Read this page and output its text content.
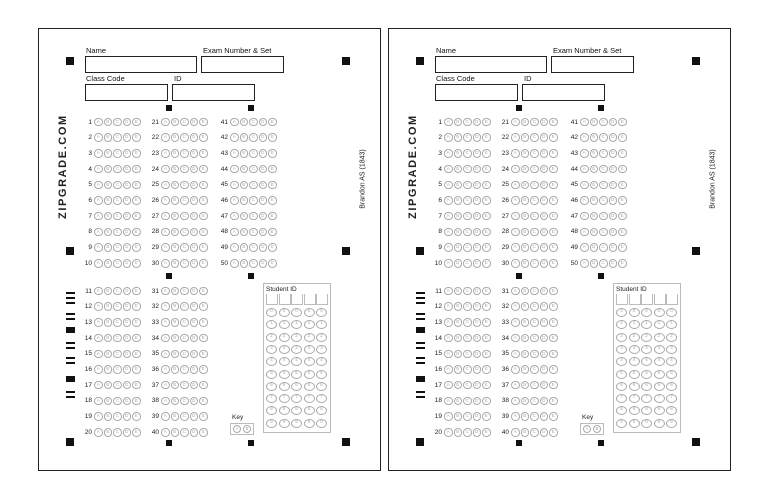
Name	Exam Number & Set
Class Code	ID
ZIPGRADE.COM	Brandon AS (1843)
Student ID
0	0	0	0	0
1	1	1	1	1
2	2	2	2	2
3	3	3	3	3
4	4	4	4	4
5	5	5	5	5
6	6	6	6	6
7	7	7	7	7
8	8	8	8	8
9	9	9	9	9
Key
A	B
1	A	B	C	D	E
2	A	B	C	D	E
3	A	B	C	D	E
4	A	B	C	D	E
5	A	B	C	D	E
6	A	B	C	D	E
7	A	B	C	D	E
8	A	B	C	D	E
9	A	B	C	D	E
10	A	B	C	D	E
21	A	B	C	D	E
22	A	B	C	D	E
23	A	B	C	D	E
24	A	B	C	D	E
25	A	B	C	D	E
26	A	B	C	D	E
27	A	B	C	D	E
28	A	B	C	D	E
29	A	B	C	D	E
30	A	B	C	D	E
41	A	B	C	D	E
42	A	B	C	D	E
43	A	B	C	D	E
44	A	B	C	D	E
45	A	B	C	D	E
46	A	B	C	D	E
47	A	B	C	D	E
48	A	B	C	D	E
49	A	B	C	D	E
50	A	B	C	D	E
11	A	B	C	D	E
12	A	B	C	D	E
13	A	B	C	D	E
14	A	B	C	D	E
15	A	B	C	D	E
16	A	B	C	D	E
17	A	B	C	D	E
18	A	B	C	D	E
19	A	B	C	D	E
20	A	B	C	D	E
31	A	B	C	D	E
32	A	B	C	D	E
33	A	B	C	D	E
34	A	B	C	D	E
35	A	B	C	D	E
36	A	B	C	D	E
37	A	B	C	D	E
38	A	B	C	D	E
39	A	B	C	D	E
40	A	B	C	D	E
Name	Exam Number & Set
Class Code	ID
ZIPGRADE.COM	Brandon AS (1843)
Student ID
0	0	0	0	0
1	1	1	1	1
2	2	2	2	2
3	3	3	3	3
4	4	4	4	4
5	5	5	5	5
6	6	6	6	6
7	7	7	7	7
8	8	8	8	8
9	9	9	9	9
Key
A	B
1	A	B	C	D	E
2	A	B	C	D	E
3	A	B	C	D	E
4	A	B	C	D	E
5	A	B	C	D	E
6	A	B	C	D	E
7	A	B	C	D	E
8	A	B	C	D	E
9	A	B	C	D	E
10	A	B	C	D	E
21	A	B	C	D	E
22	A	B	C	D	E
23	A	B	C	D	E
24	A	B	C	D	E
25	A	B	C	D	E
26	A	B	C	D	E
27	A	B	C	D	E
28	A	B	C	D	E
29	A	B	C	D	E
30	A	B	C	D	E
41	A	B	C	D	E
42	A	B	C	D	E
43	A	B	C	D	E
44	A	B	C	D	E
45	A	B	C	D	E
46	A	B	C	D	E
47	A	B	C	D	E
48	A	B	C	D	E
49	A	B	C	D	E
50	A	B	C	D	E
11	A	B	C	D	E
12	A	B	C	D	E
13	A	B	C	D	E
14	A	B	C	D	E
15	A	B	C	D	E
16	A	B	C	D	E
17	A	B	C	D	E
18	A	B	C	D	E
19	A	B	C	D	E
20	A	B	C	D	E
31	A	B	C	D	E
32	A	B	C	D	E
33	A	B	C	D	E
34	A	B	C	D	E
35	A	B	C	D	E
36	A	B	C	D	E
37	A	B	C	D	E
38	A	B	C	D	E
39	A	B	C	D	E
40	A	B	C	D	E
